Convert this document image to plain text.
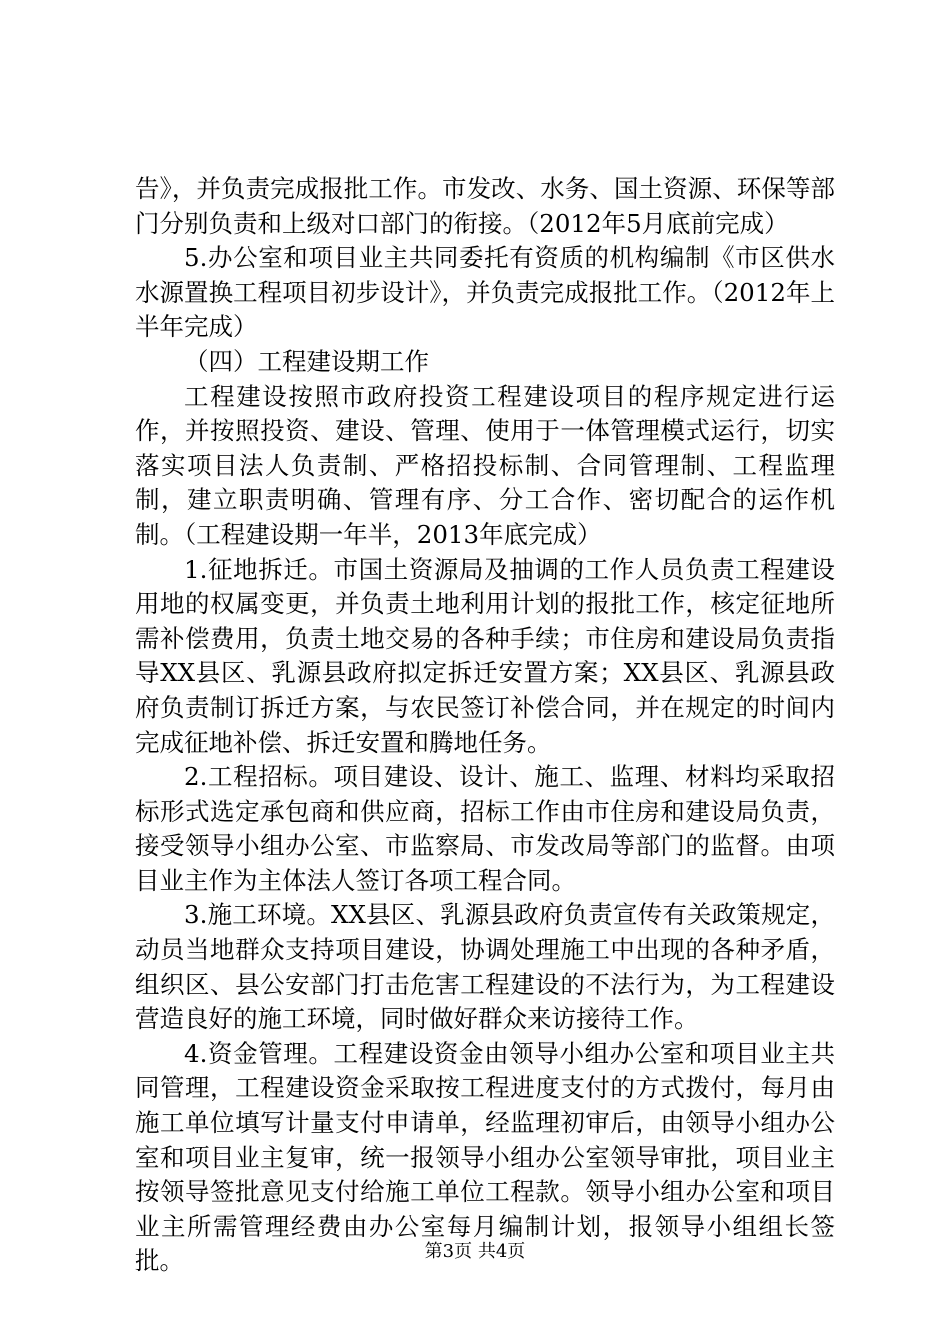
告》，并负责完成报批工作。市发改、水务、国土资源、环保等部门分别负责和上级对口部门的衔接。（2012年5月底前完成）

5.办公室和项目业主共同委托有资质的机构编制《市区供水水源置换工程项目初步设计》，并负责完成报批工作。（2012年上半年完成）

（四）工程建设期工作

工程建设按照市政府投资工程建设项目的程序规定进行运作，并按照投资、建设、管理、使用于一体管理模式运行，切实落实项目法人负责制、严格招投标制、合同管理制、工程监理制，建立职责明确、管理有序、分工合作、密切配合的运作机制。（工程建设期一年半，2013年底完成）

1.征地拆迁。市国土资源局及抽调的工作人员负责工程建设用地的权属变更，并负责土地利用计划的报批工作，核定征地所需补偿费用，负责土地交易的各种手续；市住房和建设局负责指导XX县区、乳源县政府拟定拆迁安置方案；XX县区、乳源县政府负责制订拆迁方案，与农民签订补偿合同，并在规定的时间内完成征地补偿、拆迁安置和腾地任务。

2.工程招标。项目建设、设计、施工、监理、材料均采取招标形式选定承包商和供应商，招标工作由市住房和建设局负责，接受领导小组办公室、市监察局、市发改局等部门的监督。由项目业主作为主体法人签订各项工程合同。

3.施工环境。XX县区、乳源县政府负责宣传有关政策规定，动员当地群众支持项目建设，协调处理施工中出现的各种矛盾，组织区、县公安部门打击危害工程建设的不法行为，为工程建设营造良好的施工环境，同时做好群众来访接待工作。

4.资金管理。工程建设资金由领导小组办公室和项目业主共同管理，工程建设资金采取按工程进度支付的方式拨付，每月由施工单位填写计量支付申请单，经监理初审后，由领导小组办公室和项目业主复审，统一报领导小组办公室领导审批，项目业主按领导签批意见支付给施工单位工程款。领导小组办公室和项目业主所需管理经费由办公室每月编制计划，报领导小组组长签批。	第3页 共4页
